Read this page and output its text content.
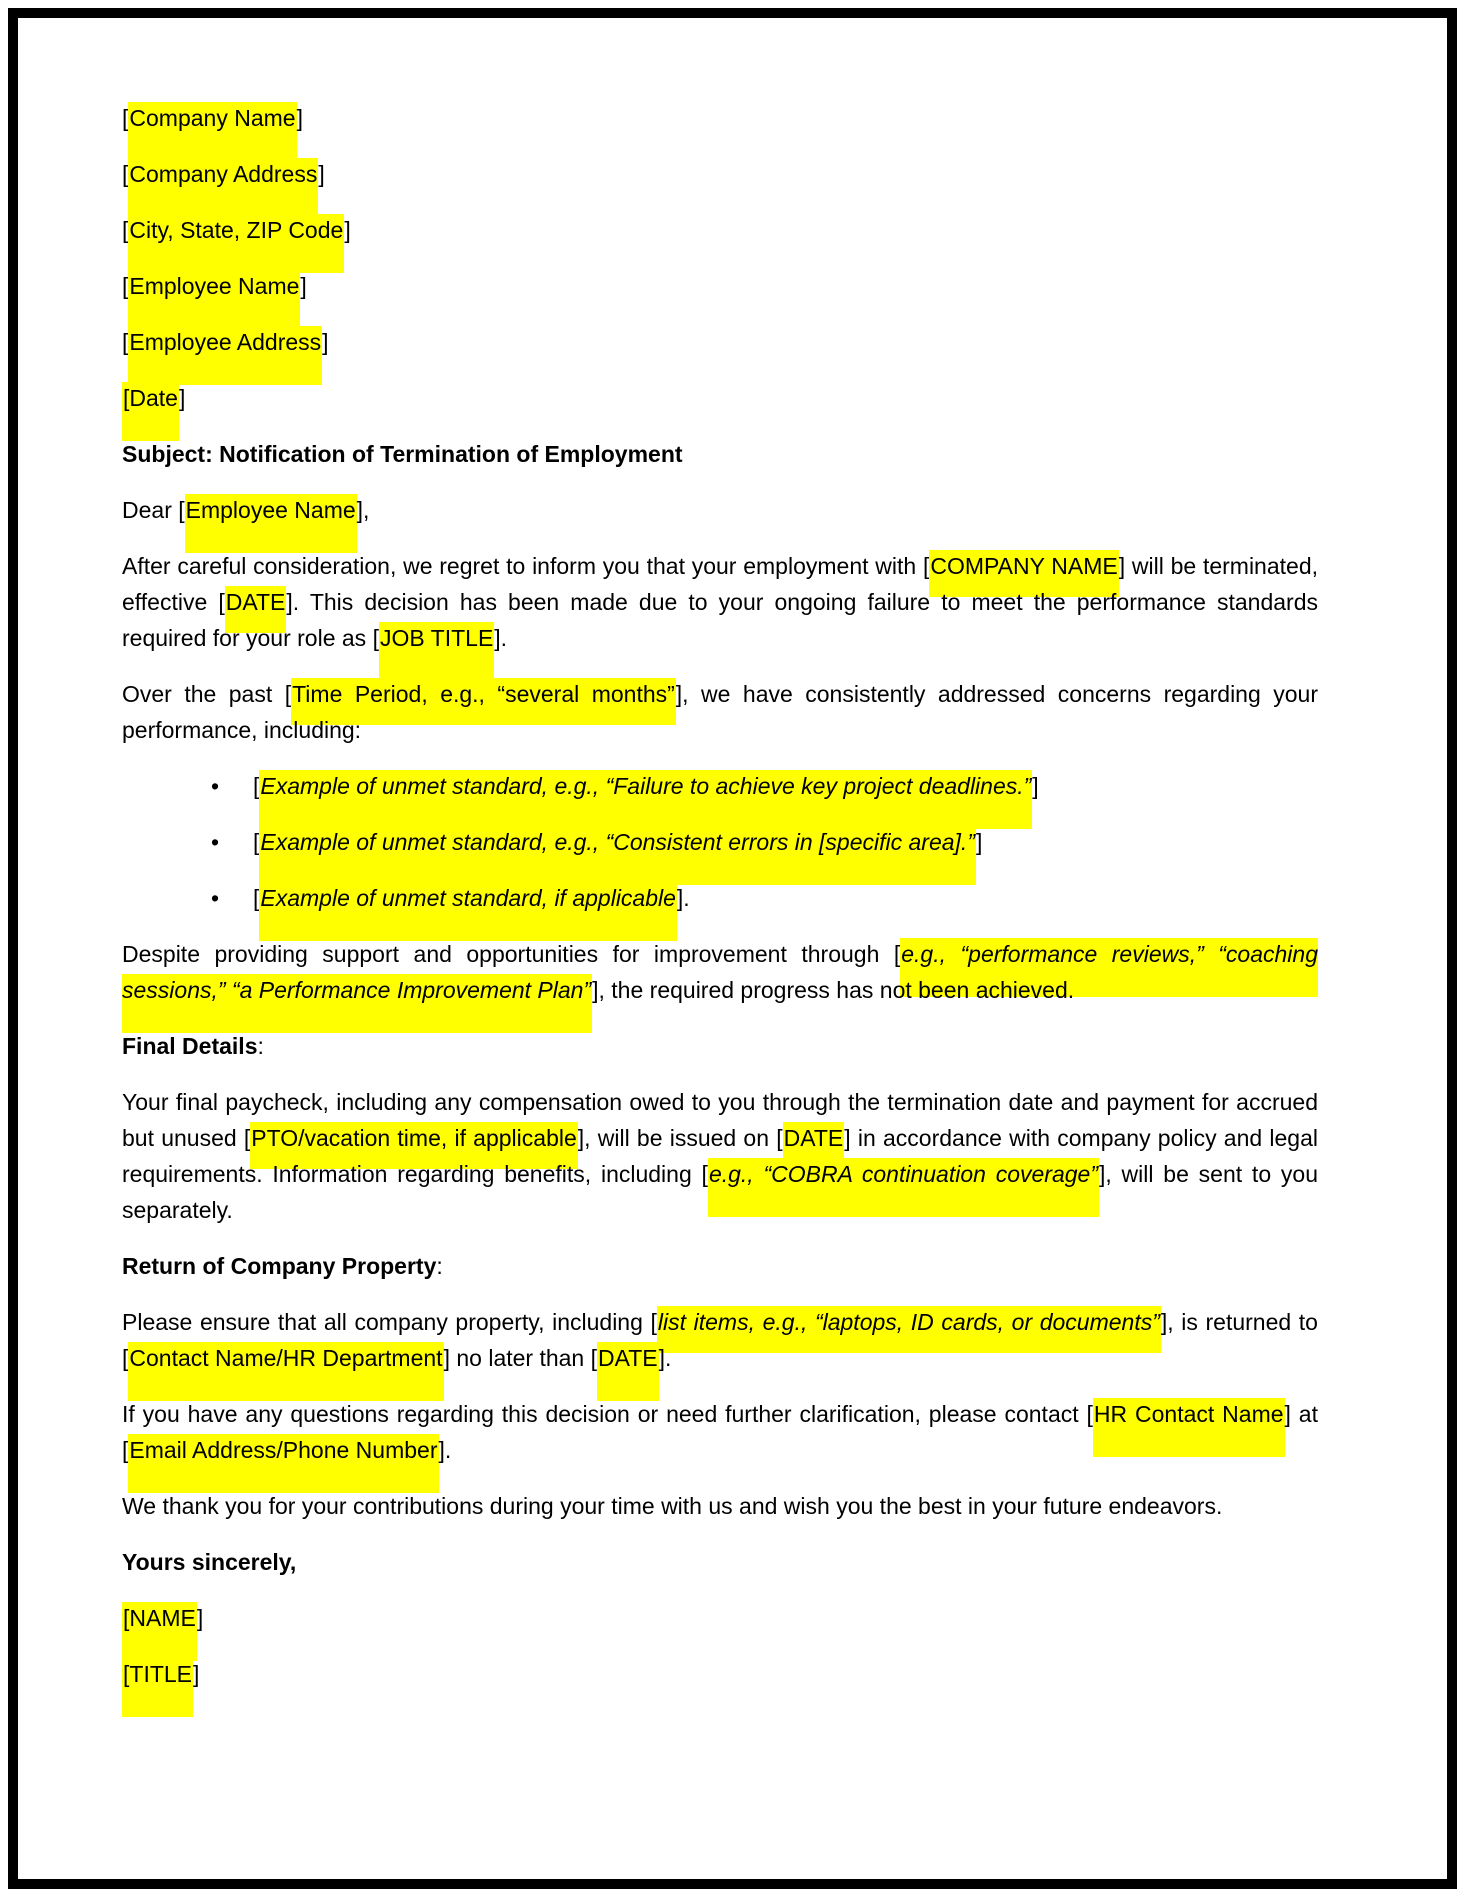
[Company Name]

[Company Address]

[City, State, ZIP Code]

[Employee Name]

[Employee Address]

[Date]

Subject: Notification of Termination of Employment

Dear [Employee Name],

After careful consideration, we regret to inform you that your employment with [COMPANY NAME] will be terminated, effective [DATE]. This decision has been made due to your ongoing failure to meet the performance standards required for your role as [JOB TITLE].

Over the past [Time Period, e.g., “several months”], we have consistently addressed concerns regarding your performance, including:

• [Example of unmet standard, e.g., “Failure to achieve key project deadlines.”]
• [Example of unmet standard, e.g., “Consistent errors in [specific area].”]
• [Example of unmet standard, if applicable].

Despite providing support and opportunities for improvement through [e.g., “performance reviews,” “coaching sessions,” “a Performance Improvement Plan”], the required progress has not been achieved.

Final Details:

Your final paycheck, including any compensation owed to you through the termination date and payment for accrued but unused [PTO/vacation time, if applicable], will be issued on [DATE] in accordance with company policy and legal requirements. Information regarding benefits, including [e.g., “COBRA continuation coverage”], will be sent to you separately.

Return of Company Property:

Please ensure that all company property, including [list items, e.g., “laptops, ID cards, or documents”], is returned to [Contact Name/HR Department] no later than [DATE].

If you have any questions regarding this decision or need further clarification, please contact [HR Contact Name] at [Email Address/Phone Number].

We thank you for your contributions during your time with us and wish you the best in your future endeavors.

Yours sincerely,

[NAME]

[TITLE]
